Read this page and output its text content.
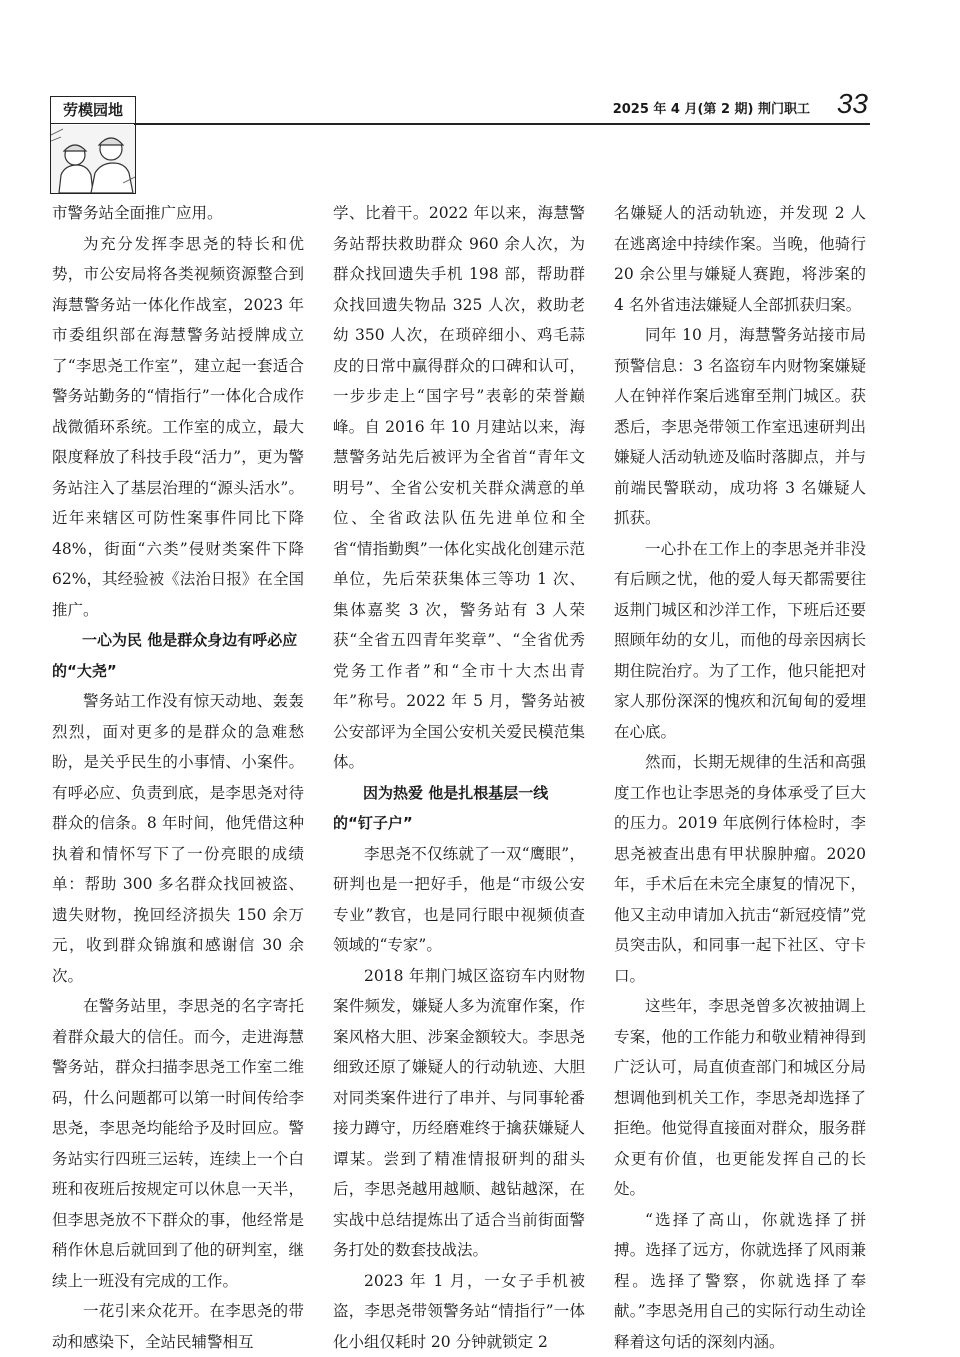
劳模园地	2025 年 4 月(第 2 期) 荆门职工 33

市警务站全面推广应用。

为充分发挥李思尧的特长和优势，市公安局将各类视频资源整合到海慧警务站一体化作战室，2023 年市委组织部在海慧警务站授牌成立了“李思尧工作室”，建立起一套适合警务站勤务的“情指行”一体化合成作战微循环系统。工作室的成立，最大限度释放了科技手段“活力”，更为警务站注入了基层治理的“源头活水”。近年来辖区可防性案事件同比下降 48%，街面“六类”侵财类案件下降 62%，其经验被《法治日报》在全国推广。

一心为民 他是群众身边有呼必应的“大尧”

警务站工作没有惊天动地、轰轰烈烈，面对更多的是群众的急难愁盼，是关乎民生的小事情、小案件。有呼必应、负责到底，是李思尧对待群众的信条。8 年时间，他凭借这种执着和情怀写下了一份亮眼的成绩单：帮助 300 多名群众找回被盗、遗失财物，挽回经济损失 150 余万元，收到群众锦旗和感谢信 30 余次。

在警务站里，李思尧的名字寄托着群众最大的信任。而今，走进海慧警务站，群众扫描李思尧工作室二维码，什么问题都可以第一时间传给李思尧，李思尧均能给予及时回应。警务站实行四班三运转，连续上一个白班和夜班后按规定可以休息一天半，但李思尧放不下群众的事，他经常是稍作休息后就回到了他的研判室，继续上一班没有完成的工作。

一花引来众花开。在李思尧的带动和感染下，全站民辅警相互

学、比着干。2022 年以来，海慧警务站帮扶救助群众 960 余人次，为群众找回遗失手机 198 部，帮助群众找回遗失物品 325 人次，救助老幼 350 人次，在琐碎细小、鸡毛蒜皮的日常中赢得群众的口碑和认可，一步步走上“国字号”表彰的荣誉巅峰。自 2016 年 10 月建站以来，海慧警务站先后被评为全省首“青年文明号”、全省公安机关群众满意的单位、全省政法队伍先进单位和全省“情指勤舆”一体化实战化创建示范单位，先后荣获集体三等功 1 次、集体嘉奖 3 次，警务站有 3 人荣获“全省五四青年奖章”、“全省优秀党务工作者”和“全市十大杰出青年”称号。2022 年 5 月，警务站被公安部评为全国公安机关爱民模范集体。

因为热爱 他是扎根基层一线的“钉子户”

李思尧不仅练就了一双“鹰眼”，研判也是一把好手，他是“市级公安专业”教官，也是同行眼中视频侦查领域的“专家”。

2018 年荆门城区盗窃车内财物案件频发，嫌疑人多为流窜作案，作案风格大胆、涉案金额较大。李思尧细致还原了嫌疑人的行动轨迹、大胆对同类案件进行了串并、与同事轮番接力蹲守，历经磨难终于擒获嫌疑人谭某。尝到了精准情报研判的甜头后，李思尧越用越顺、越钻越深，在实战中总结提炼出了适合当前街面警务打处的数套技战法。

2023 年 1 月，一女子手机被盗，李思尧带领警务站“情指行”一体化小组仅耗时 20 分钟就锁定 2

名嫌疑人的活动轨迹，并发现 2 人在逃离途中持续作案。当晚，他骑行 20 余公里与嫌疑人赛跑，将涉案的 4 名外省违法嫌疑人全部抓获归案。

同年 10 月，海慧警务站接市局预警信息：3 名盗窃车内财物案嫌疑人在钟祥作案后逃窜至荆门城区。获悉后，李思尧带领工作室迅速研判出嫌疑人活动轨迹及临时落脚点，并与前端民警联动，成功将 3 名嫌疑人抓获。

一心扑在工作上的李思尧并非没有后顾之忧，他的爱人每天都需要往返荆门城区和沙洋工作，下班后还要照顾年幼的女儿，而他的母亲因病长期住院治疗。为了工作，他只能把对家人那份深深的愧疚和沉甸甸的爱埋在心底。

然而，长期无规律的生活和高强度工作也让李思尧的身体承受了巨大的压力。2019 年底例行体检时，李思尧被查出患有甲状腺肿瘤。2020 年，手术后在未完全康复的情况下，他又主动申请加入抗击“新冠疫情”党员突击队，和同事一起下社区、守卡口。

这些年，李思尧曾多次被抽调上专案，他的工作能力和敬业精神得到广泛认可，局直侦查部门和城区分局想调他到机关工作，李思尧却选择了拒绝。他觉得直接面对群众，服务群众更有价值，也更能发挥自己的长处。

“选择了高山，你就选择了拼搏。选择了远方，你就选择了风雨兼程。选择了警察，你就选择了奉献。”李思尧用自己的实际行动生动诠释着这句话的深刻内涵。
